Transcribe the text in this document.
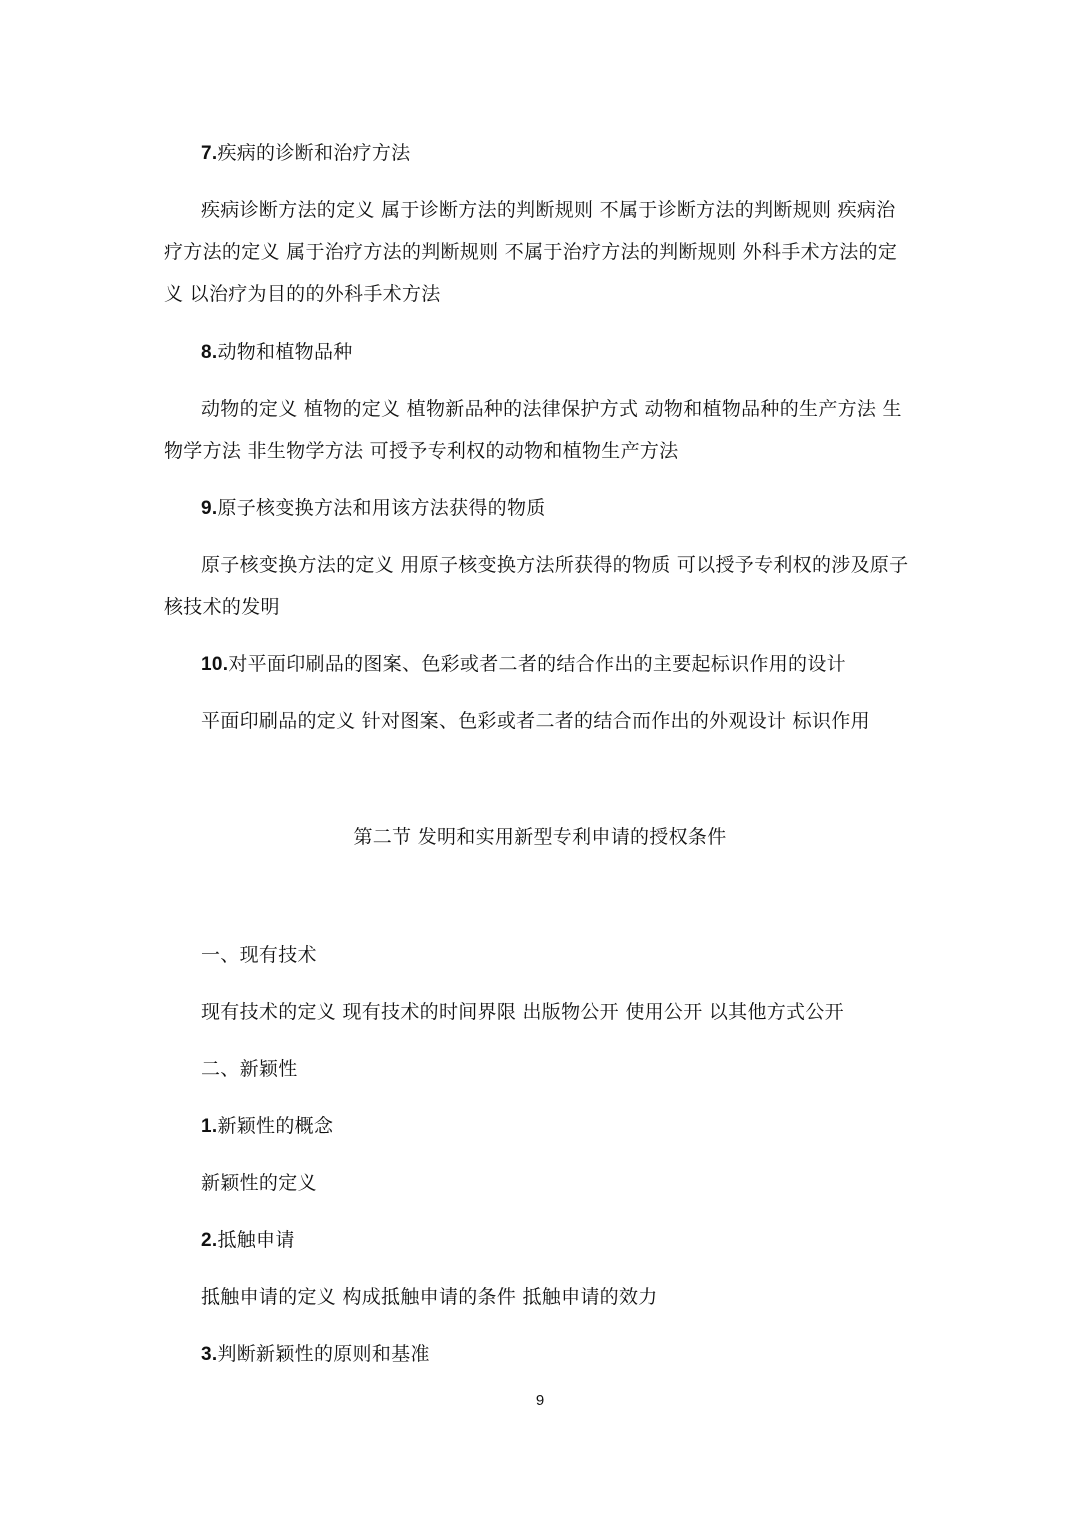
7.疾病的诊断和治疗方法
疾病诊断方法的定义 属于诊断方法的判断规则 不属于诊断方法的判断规则 疾病治
疗方法的定义 属于治疗方法的判断规则 不属于治疗方法的判断规则 外科手术方法的定
义 以治疗为目的的外科手术方法
8.动物和植物品种
动物的定义 植物的定义 植物新品种的法律保护方式 动物和植物品种的生产方法 生
物学方法 非生物学方法 可授予专利权的动物和植物生产方法
9.原子核变换方法和用该方法获得的物质
原子核变换方法的定义 用原子核变换方法所获得的物质 可以授予专利权的涉及原子
核技术的发明
10.对平面印刷品的图案、色彩或者二者的结合作出的主要起标识作用的设计
平面印刷品的定义 针对图案、色彩或者二者的结合而作出的外观设计 标识作用
第二节 发明和实用新型专利申请的授权条件
一、现有技术
现有技术的定义 现有技术的时间界限 出版物公开 使用公开 以其他方式公开
二、新颖性
1.新颖性的概念
新颖性的定义
2.抵触申请
抵触申请的定义 构成抵触申请的条件 抵触申请的效力
3.判断新颖性的原则和基准
9
